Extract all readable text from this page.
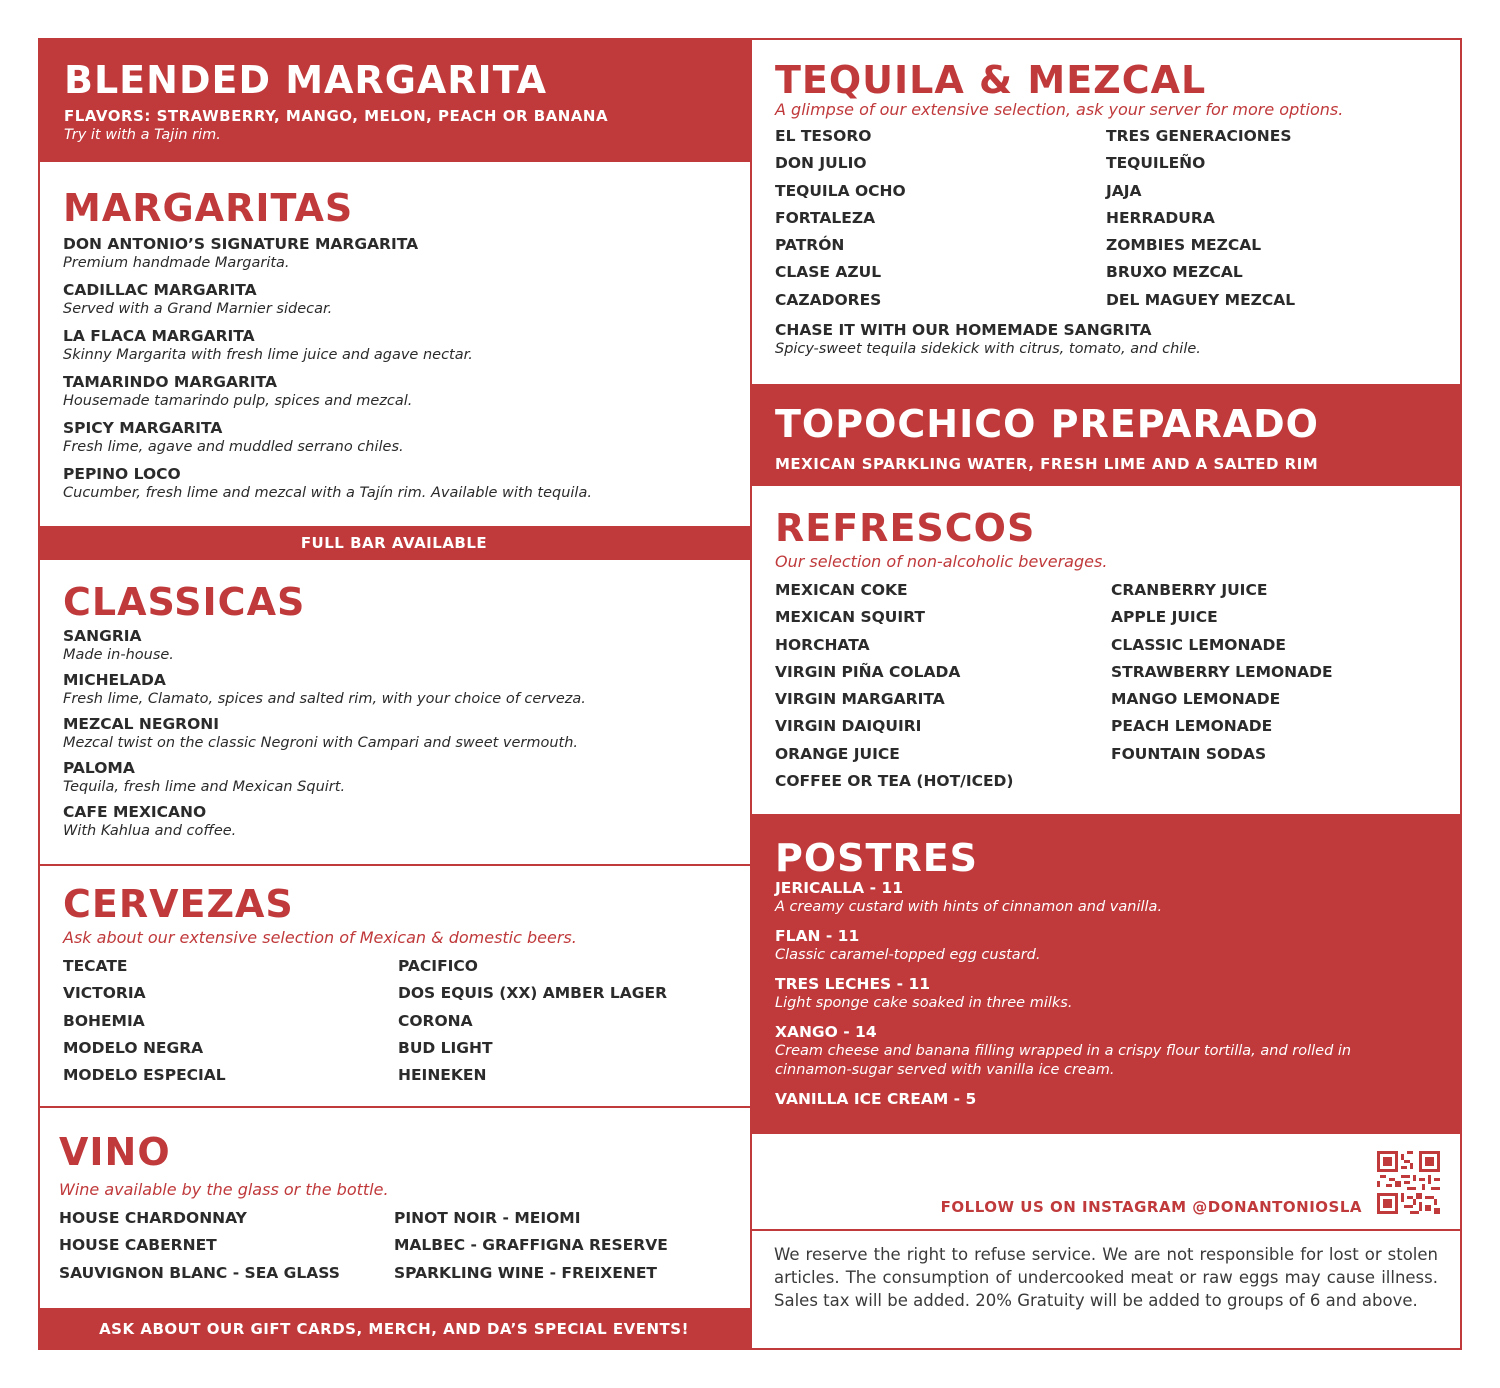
BLENDED MARGARITA
FLAVORS: STRAWBERRY, MANGO, MELON, PEACH OR BANANA
Try it with a Tajin rim.
MARGARITAS
DON ANTONIO’S SIGNATURE MARGARITA
Premium handmade Margarita.
CADILLAC MARGARITA
Served with a Grand Marnier sidecar.
LA FLACA MARGARITA
Skinny Margarita with fresh lime juice and agave nectar.
TAMARINDO MARGARITA
Housemade tamarindo pulp, spices and mezcal.
SPICY MARGARITA
Fresh lime, agave and muddled serrano chiles.
PEPINO LOCO
Cucumber, fresh lime and mezcal with a Tajín rim. Available with tequila.
FULL BAR AVAILABLE
CLASSICAS
SANGRIA
Made in-house.
MICHELADA
Fresh lime, Clamato, spices and salted rim, with your choice of cerveza.
MEZCAL NEGRONI
Mezcal twist on the classic Negroni with Campari and sweet vermouth.
PALOMA
Tequila, fresh lime and Mexican Squirt.
CAFE MEXICANO
With Kahlua and coffee.
CERVEZAS
Ask about our extensive selection of Mexican & domestic beers.
TECATE
VICTORIA
BOHEMIA
MODELO NEGRA
MODELO ESPECIAL
PACIFICO
DOS EQUIS (XX) AMBER LAGER
CORONA
BUD LIGHT
HEINEKEN
VINO
Wine available by the glass or the bottle.
HOUSE CHARDONNAY
HOUSE CABERNET
SAUVIGNON BLANC - SEA GLASS
PINOT NOIR - MEIOMI
MALBEC - GRAFFIGNA RESERVE
SPARKLING WINE - FREIXENET
ASK ABOUT OUR GIFT CARDS, MERCH, AND DA’S SPECIAL EVENTS!
TEQUILA & MEZCAL
A glimpse of our extensive selection, ask your server for more options.
EL TESORO
DON JULIO
TEQUILA OCHO
FORTALEZA
PATRÓN
CLASE AZUL
CAZADORES
TRES GENERACIONES
TEQUILEÑO
JAJA
HERRADURA
ZOMBIES MEZCAL
BRUXO MEZCAL
DEL MAGUEY MEZCAL
CHASE IT WITH OUR HOMEMADE SANGRITA
Spicy-sweet tequila sidekick with citrus, tomato, and chile.
TOPOCHICO PREPARADO
MEXICAN SPARKLING WATER, FRESH LIME AND A SALTED RIM
REFRESCOS
Our selection of non-alcoholic beverages.
MEXICAN COKE
MEXICAN SQUIRT
HORCHATA
VIRGIN PIÑA COLADA
VIRGIN MARGARITA
VIRGIN DAIQUIRI
ORANGE JUICE
COFFEE OR TEA (HOT/ICED)
CRANBERRY JUICE
APPLE JUICE
CLASSIC LEMONADE
STRAWBERRY LEMONADE
MANGO LEMONADE
PEACH LEMONADE
FOUNTAIN SODAS
POSTRES
JERICALLA - 11
A creamy custard with hints of cinnamon and vanilla.
FLAN - 11
Classic caramel-topped egg custard.
TRES LECHES - 11
Light sponge cake soaked in three milks.
XANGO - 14
Cream cheese and banana filling wrapped in a crispy flour tortilla, and rolled in cinnamon-sugar served with vanilla ice cream.
VANILLA ICE CREAM - 5
FOLLOW US ON INSTAGRAM @DONANTONIOSLA
We reserve the right to refuse service. We are not responsible for lost or stolen articles. The consumption of undercooked meat or raw eggs may cause illness. Sales tax will be added. 20% Gratuity will be added to groups of 6 and above.
